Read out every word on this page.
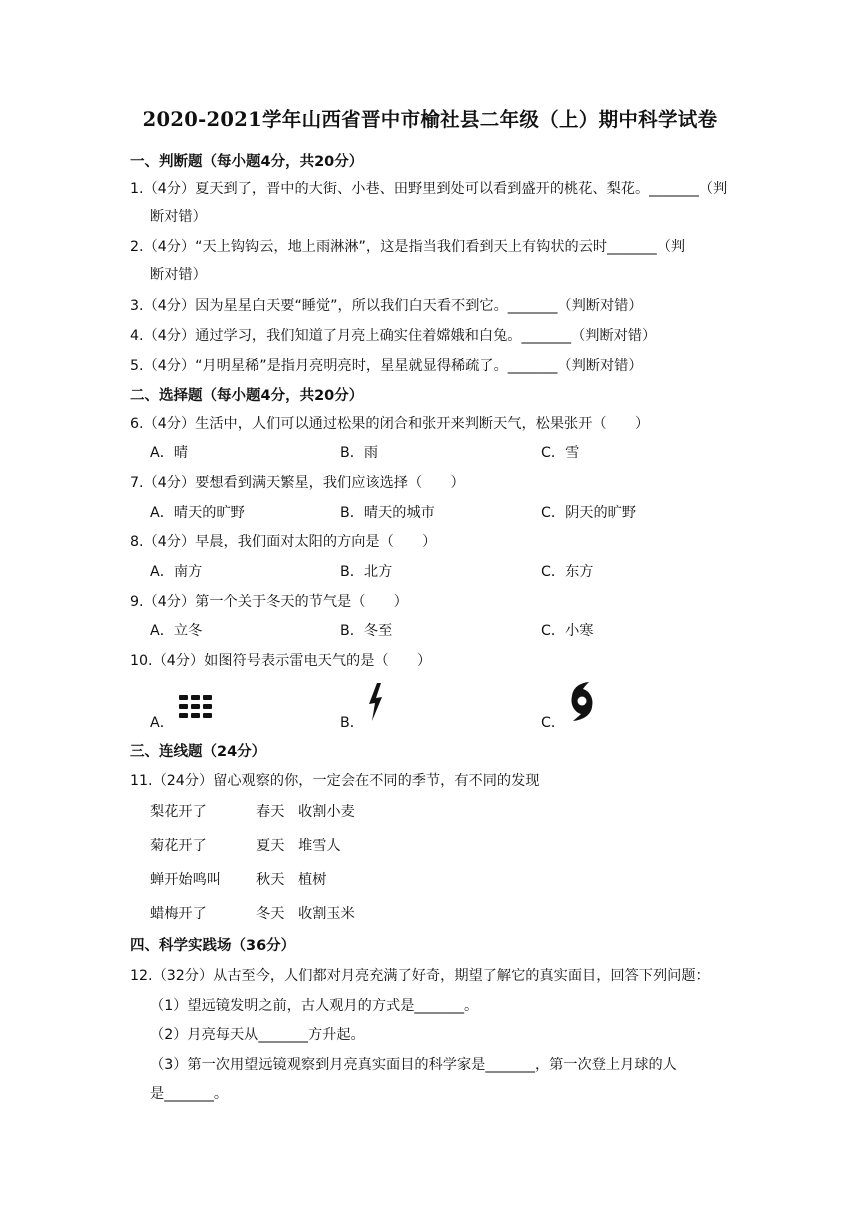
2020-2021学年山西省晋中市榆社县二年级（上）期中科学试卷
一、判断题（每小题4分，共20分）
1.（4分）夏天到了，晋中的大街、小巷、田野里到处可以看到盛开的桃花、梨花。_______（判
断对错）
2.（4分）“天上钩钩云，地上雨淋淋”，这是指当我们看到天上有钩状的云时_______（判
断对错）
3.（4分）因为星星白天要“睡觉”，所以我们白天看不到它。_______（判断对错）
4.（4分）通过学习，我们知道了月亮上确实住着嫦娥和白兔。_______（判断对错）
5.（4分）“月明星稀”是指月亮明亮时，星星就显得稀疏了。_______（判断对错）
二、选择题（每小题4分，共20分）
6.（4分）生活中，人们可以通过松果的闭合和张开来判断天气，松果张开（　　）
A．晴	B．雨	C．雪
7.（4分）要想看到满天繁星，我们应该选择（　　）
A．晴天的旷野	B．晴天的城市	C．阴天的旷野
8.（4分）早晨，我们面对太阳的方向是（　　）
A．南方	B．北方	C．东方
9.（4分）第一个关于冬天的节气是（　　）
A．立冬	B．冬至	C．小寒
10.（4分）如图符号表示雷电天气的是（　　）
A．	B．	C．
三、连线题（24分）
11.（24分）留心观察的你，一定会在不同的季节，有不同的发现
梨花开了	春天 收割小麦
菊花开了	夏天 堆雪人
蝉开始鸣叫 秋天 植树
蜡梅开了	冬天 收割玉米
四、科学实践场（36分）
12.（32分）从古至今，人们都对月亮充满了好奇，期望了解它的真实面目，回答下列问题：
（1）望远镜发明之前，古人观月的方式是_______。
（2）月亮每天从_______方升起。
（3）第一次用望远镜观察到月亮真实面目的科学家是_______，第一次登上月球的人
是_______。
